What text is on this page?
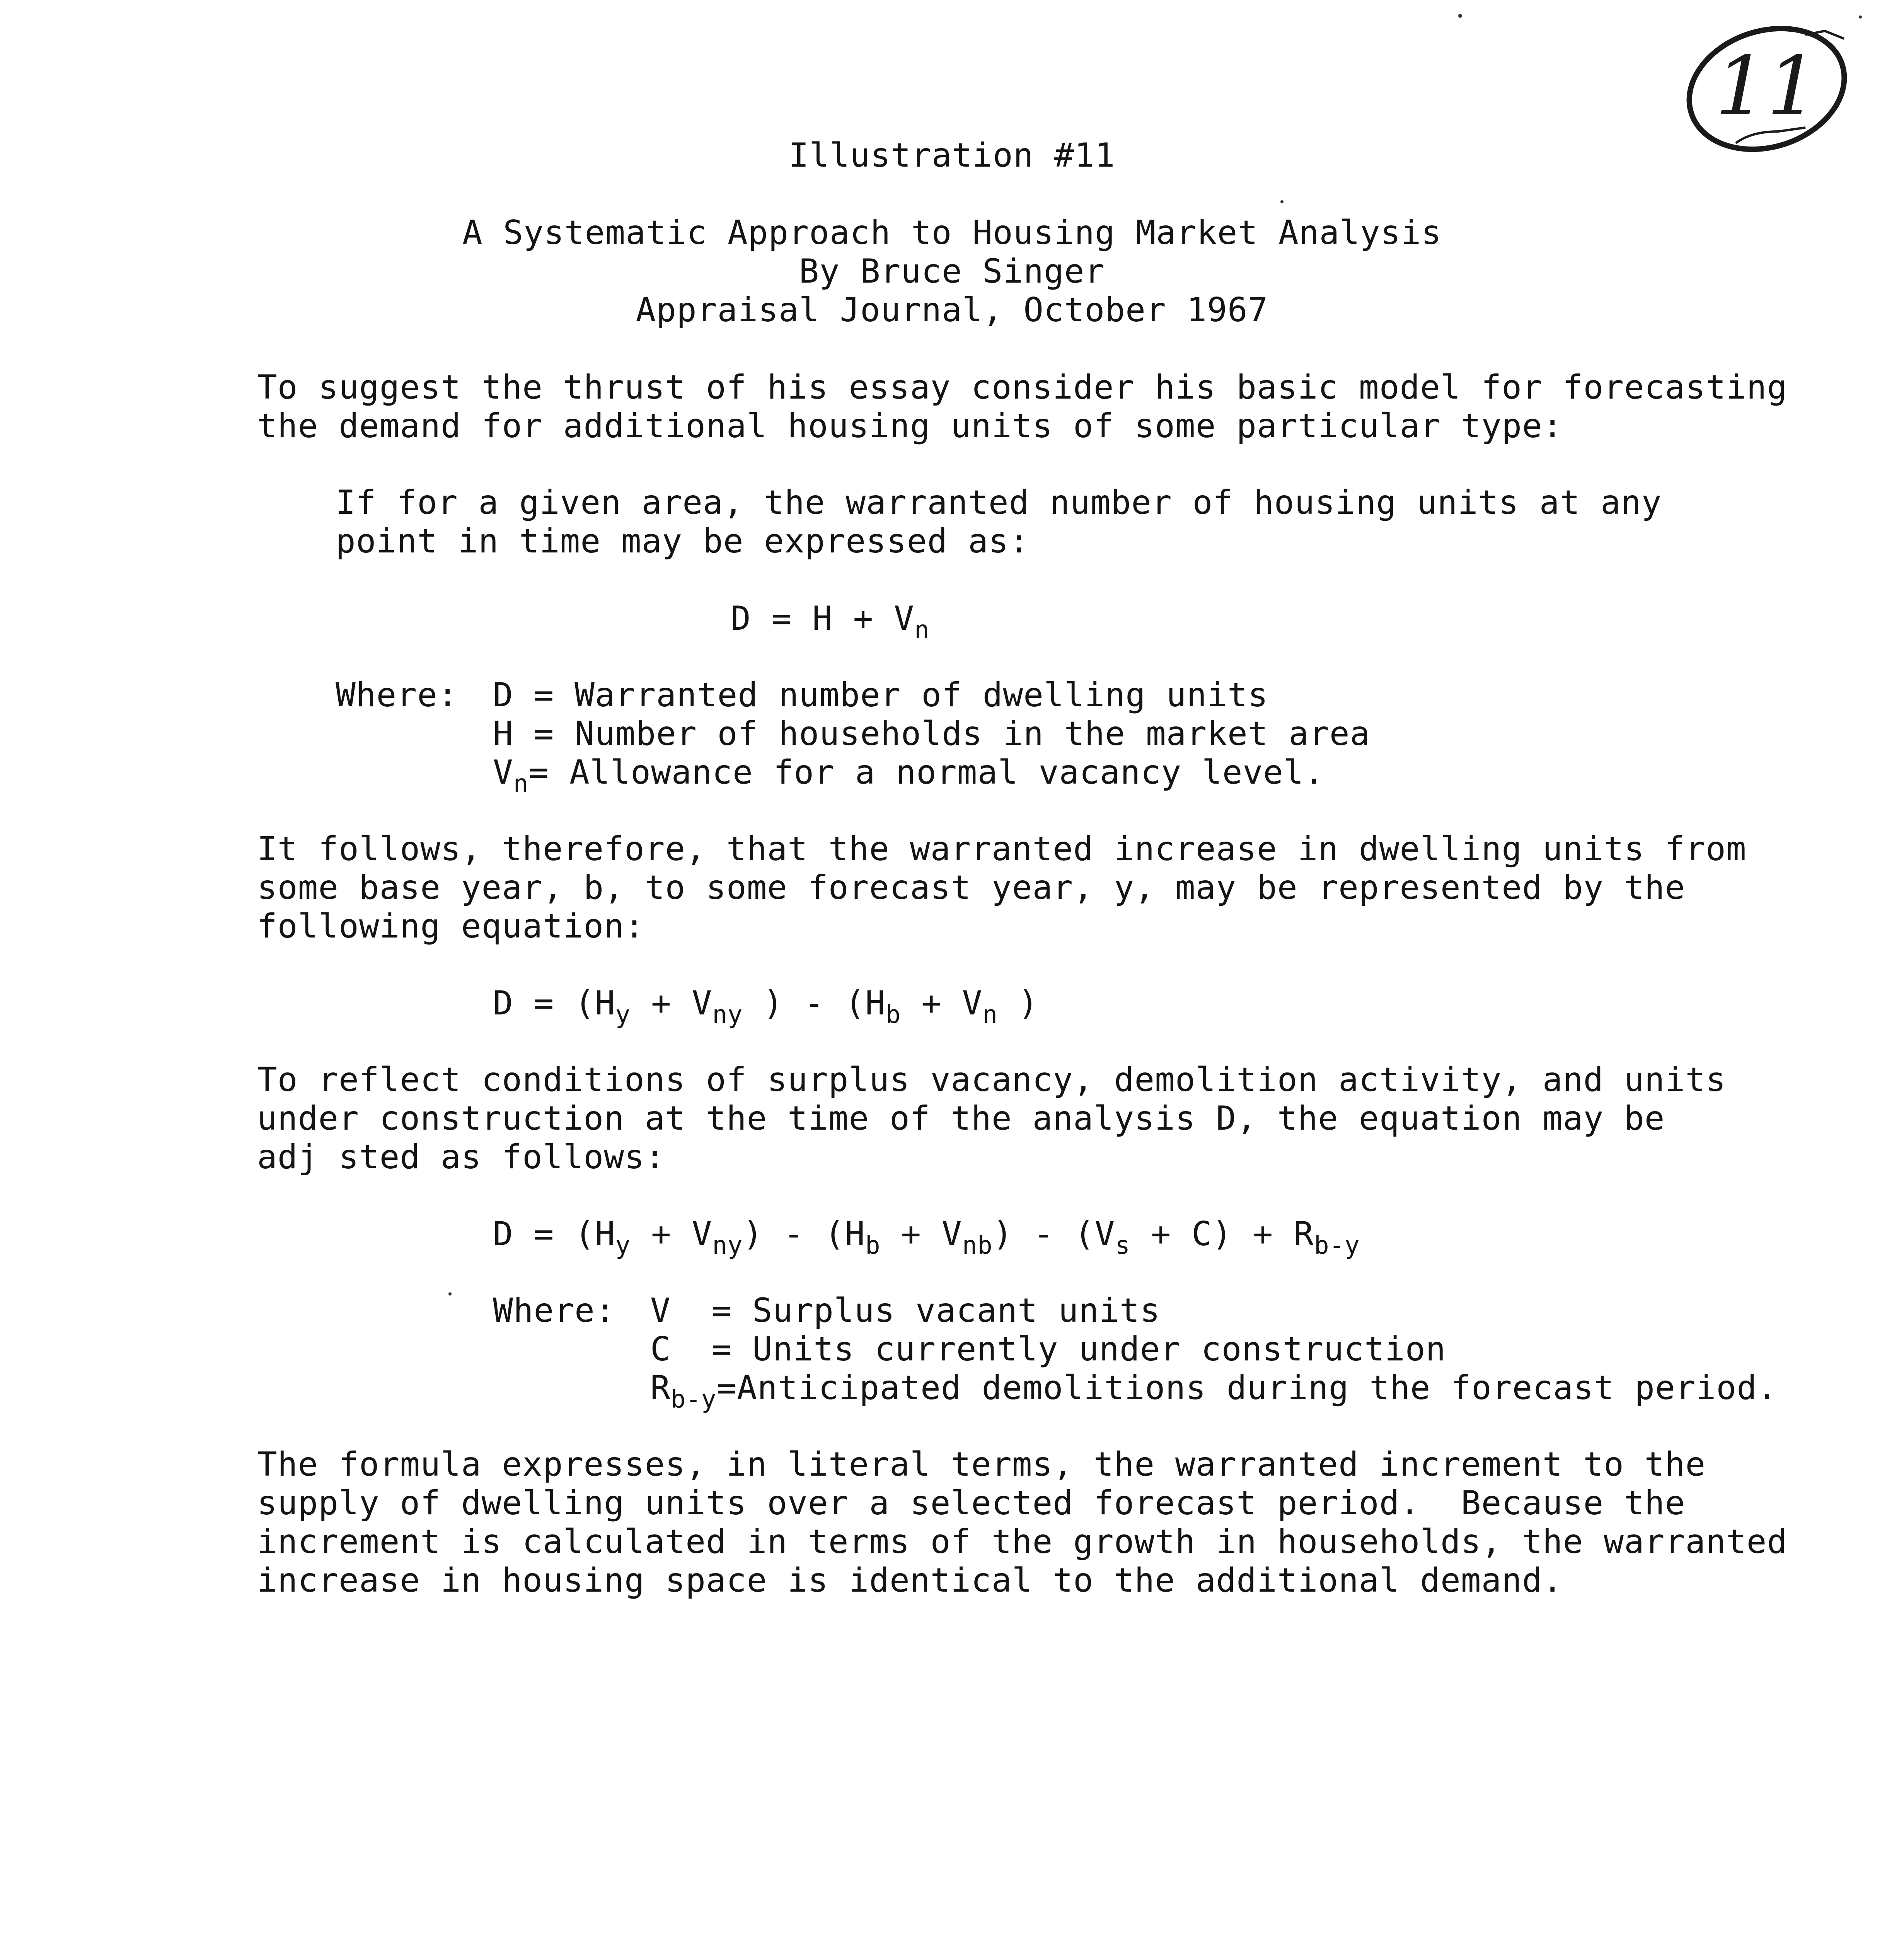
11
Illustration #11
A Systematic Approach to Housing Market Analysis
By Bruce Singer
Appraisal Journal, October 1967
To suggest the thrust of his essay consider his basic model for forecasting
the demand for additional housing units of some particular type:
If for a given area, the warranted number of housing units at any
point in time may be expressed as:
$D = H + V_n$
Where: D = Warranted number of dwelling units
H = Number of households in the market area
$V_n=$ Allowance for a normal vacancy level.
It follows, therefore, that the warranted increase in dwelling units from
some base year, b, to some forecast year, y, may be represented by the
following equation:
$D = (H_y + V_{ny}$ ) - ($H_b + V_n$ )
To reflect conditions of surplus vacancy, demolition activity, and units
under construction at the time of the analysis D, the equation may be
adj sted as follows:
$D = (H_y + V_{ny}) - (H_b + V_{nb}) - (V_s + C) + R_{b-y}$
Where: V  = Surplus vacant units
C  = Units currently under construction
$R_{b-y}=Anticipated$ demolitions during the forecast period.
The formula expresses, in literal terms, the warranted increment to the
supply of dwelling units over a selected forecast period.  Because the
increment is calculated in terms of the growth in households, the warranted
increase in housing space is identical to the additional demand.
